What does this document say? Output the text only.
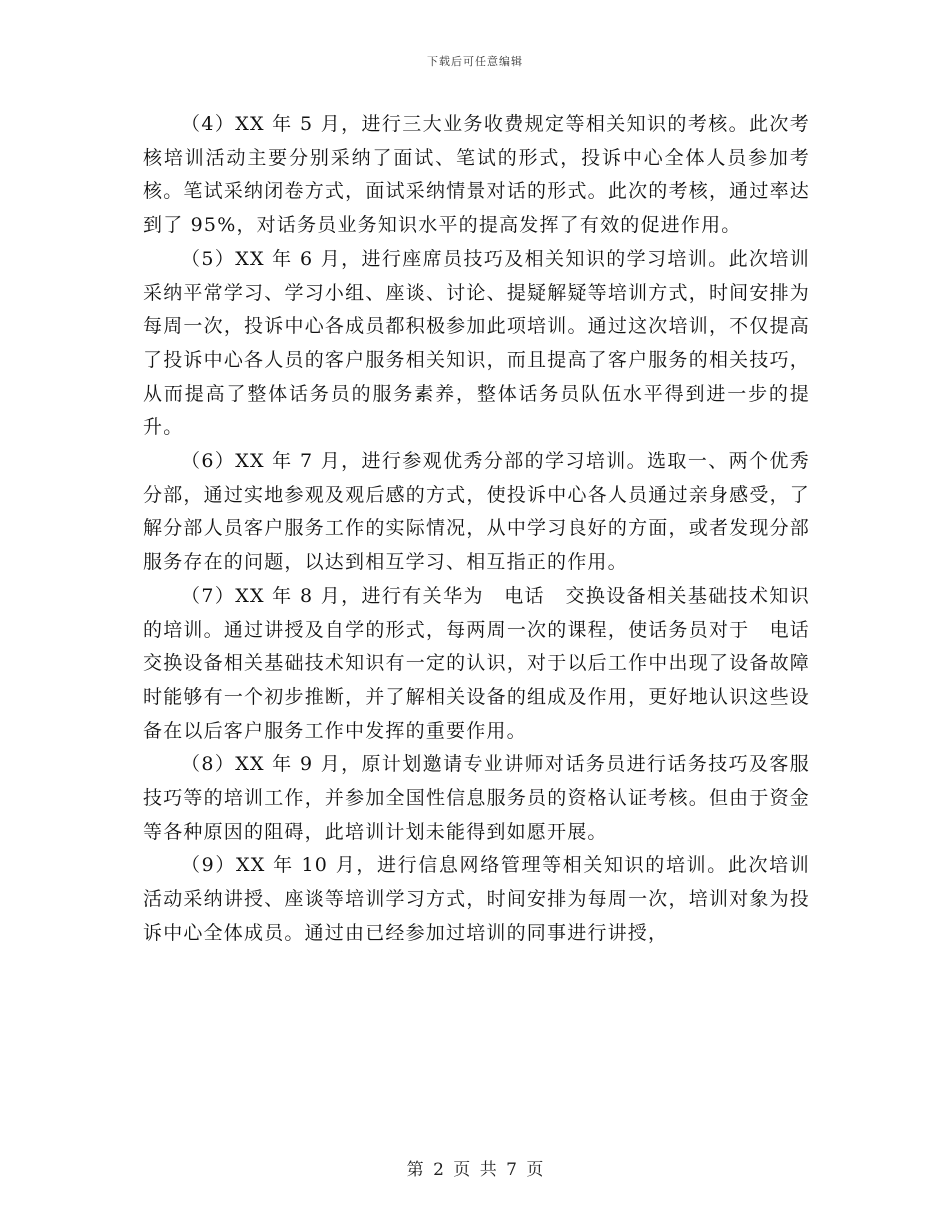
下载后可任意编辑

（4）XX 年 5 月，进行三大业务收费规定等相关知识的考核。此次考核培训活动主要分别采纳了面试、笔试的形式，投诉中心全体人员参加考核。笔试采纳闭卷方式，面试采纳情景对话的形式。此次的考核，通过率达到了 95%，对话务员业务知识水平的提高发挥了有效的促进作用。

（5）XX 年 6 月，进行座席员技巧及相关知识的学习培训。此次培训采纳平常学习、学习小组、座谈、讨论、提疑解疑等培训方式，时间安排为每周一次，投诉中心各成员都积极参加此项培训。通过这次培训，不仅提高了投诉中心各人员的客户服务相关知识，而且提高了客户服务的相关技巧，从而提高了整体话务员的服务素养，整体话务员队伍水平得到进一步的提升。

（6）XX 年 7 月，进行参观优秀分部的学习培训。选取一、两个优秀分部，通过实地参观及观后感的方式，使投诉中心各人员通过亲身感受，了解分部人员客户服务工作的实际情况，从中学习良好的方面，或者发现分部服务存在的问题，以达到相互学习、相互指正的作用。

（7）XX 年 8 月，进行有关华为　电话　交换设备相关基础技术知识的培训。通过讲授及自学的形式，每两周一次的课程，使话务员对于　电话　交换设备相关基础技术知识有一定的认识，对于以后工作中出现了设备故障时能够有一个初步推断，并了解相关设备的组成及作用，更好地认识这些设备在以后客户服务工作中发挥的重要作用。

（8）XX 年 9 月，原计划邀请专业讲师对话务员进行话务技巧及客服技巧等的培训工作，并参加全国性信息服务员的资格认证考核。但由于资金等各种原因的阻碍，此培训计划未能得到如愿开展。

（9）XX 年 10 月，进行信息网络管理等相关知识的培训。此次培训活动采纳讲授、座谈等培训学习方式，时间安排为每周一次，培训对象为投诉中心全体成员。通过由已经参加过培训的同事进行讲授，

第 2 页 共 7 页
